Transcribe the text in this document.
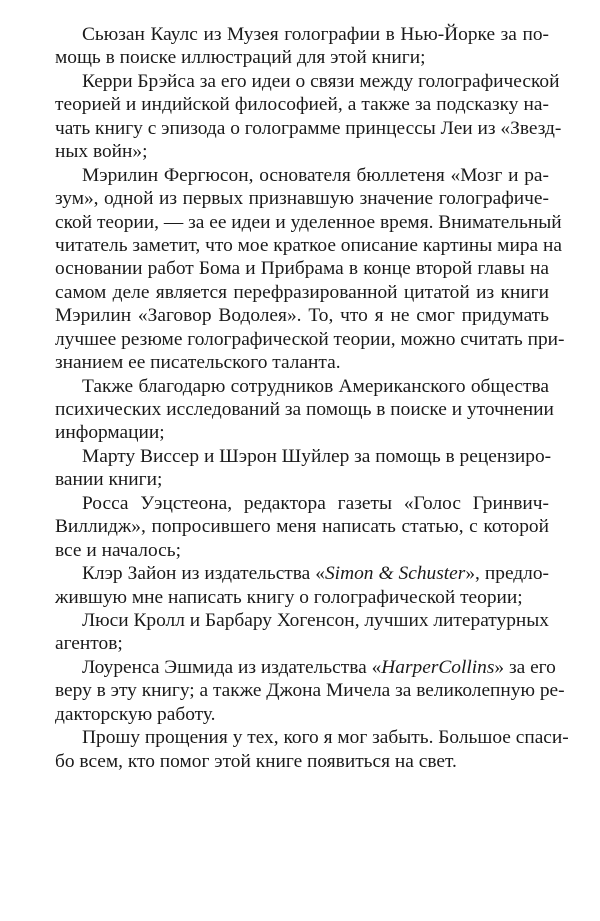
Сьюзан Каулс из Музея голографии в Нью-Йорке за по-
мощь в поиске иллюстраций для этой книги;

Керри Брэйса за его идеи о связи между голографической
теорией и индийской философией, а также за подсказку на-
чать книгу с эпизода о голограмме принцессы Леи из «Звезд-
ных войн»;

Мэрилин Фергюсон, основателя бюллетеня «Мозг и ра-
зум», одной из первых признавшую значение голографиче-
ской теории, — за ее идеи и уделенное время. Внимательный
читатель заметит, что мое краткое описание картины мира на
основании работ Бома и Прибрама в конце второй главы на
самом деле является перефразированной цитатой из книги
Мэрилин «Заговор Водолея». То, что я не смог придумать
лучшее резюме голографической теории, можно считать при-
знанием ее писательского таланта.

Также благодарю сотрудников Американского общества
психических исследований за помощь в поиске и уточнении
информации;

Марту Виссер и Шэрон Шуйлер за помощь в рецензиро-
вании книги;

Росса Уэцстеона, редактора газеты «Голос Гринвич-
Виллидж», попросившего меня написать статью, с которой
все и началось;

Клэр Зайон из издательства «Simon & Schuster», предло-
жившую мне написать книгу о голографической теории;

Люси Кролл и Барбару Хогенсон, лучших литературных
агентов;

Лоуренса Эшмида из издательства «HarperCollins» за его
веру в эту книгу; а также Джона Мичела за великолепную ре-
дакторскую работу.

Прошу прощения у тех, кого я мог забыть. Большое спаси-
бо всем, кто помог этой книге появиться на свет.
